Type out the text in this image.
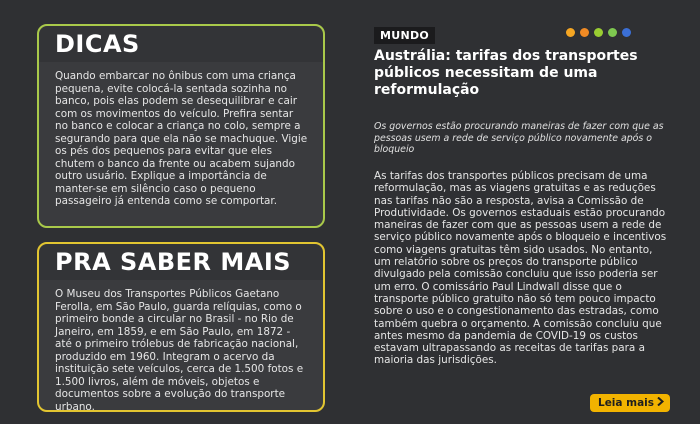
DICAS

Quando embarcar no ônibus com uma criança pequena, evite colocá-la sentada sozinha no banco, pois elas podem se desequilibrar e cair com os movimentos do veículo. Prefira sentar no banco e colocar a criança no colo, sempre a segurando para que ela não se machuque. Vigie os pés dos pequenos para evitar que eles chutem o banco da frente ou acabem sujando outro usuário. Explique a importância de manter-se em silêncio caso o pequeno passageiro já entenda como se comportar.

PRA SABER MAIS

O Museu dos Transportes Públicos Gaetano Ferolla, em São Paulo, guarda relíquias, como o primeiro bonde a circular no Brasil - no Rio de Janeiro, em 1859, e em São Paulo, em 1872 - até o primeiro trólebus de fabricação nacional, produzido em 1960. Integram o acervo da instituição sete veículos, cerca de 1.500 fotos e 1.500 livros, além de móveis, objetos e documentos sobre a evolução do transporte urbano.

MUNDO
Austrália: tarifas dos transportes públicos necessitam de uma reformulação

Os governos estão procurando maneiras de fazer com que as pessoas usem a rede de serviço público novamente após o bloqueio

As tarifas dos transportes públicos precisam de uma reformulação, mas as viagens gratuitas e as reduções nas tarifas não são a resposta, avisa a Comissão de Produtividade. Os governos estaduais estão procurando maneiras de fazer com que as pessoas usem a rede de serviço público novamente após o bloqueio e incentivos como viagens gratuitas têm sido usados. No entanto, um relatório sobre os preços do transporte público divulgado pela comissão concluiu que isso poderia ser um erro. O comissário Paul Lindwall disse que o transporte público gratuito não só tem pouco impacto sobre o uso e o congestionamento das estradas, como também quebra o orçamento. A comissão concluiu que antes mesmo da pandemia de COVID-19 os custos estavam ultrapassando as receitas de tarifas para a maioria das jurisdições.

Leia mais
